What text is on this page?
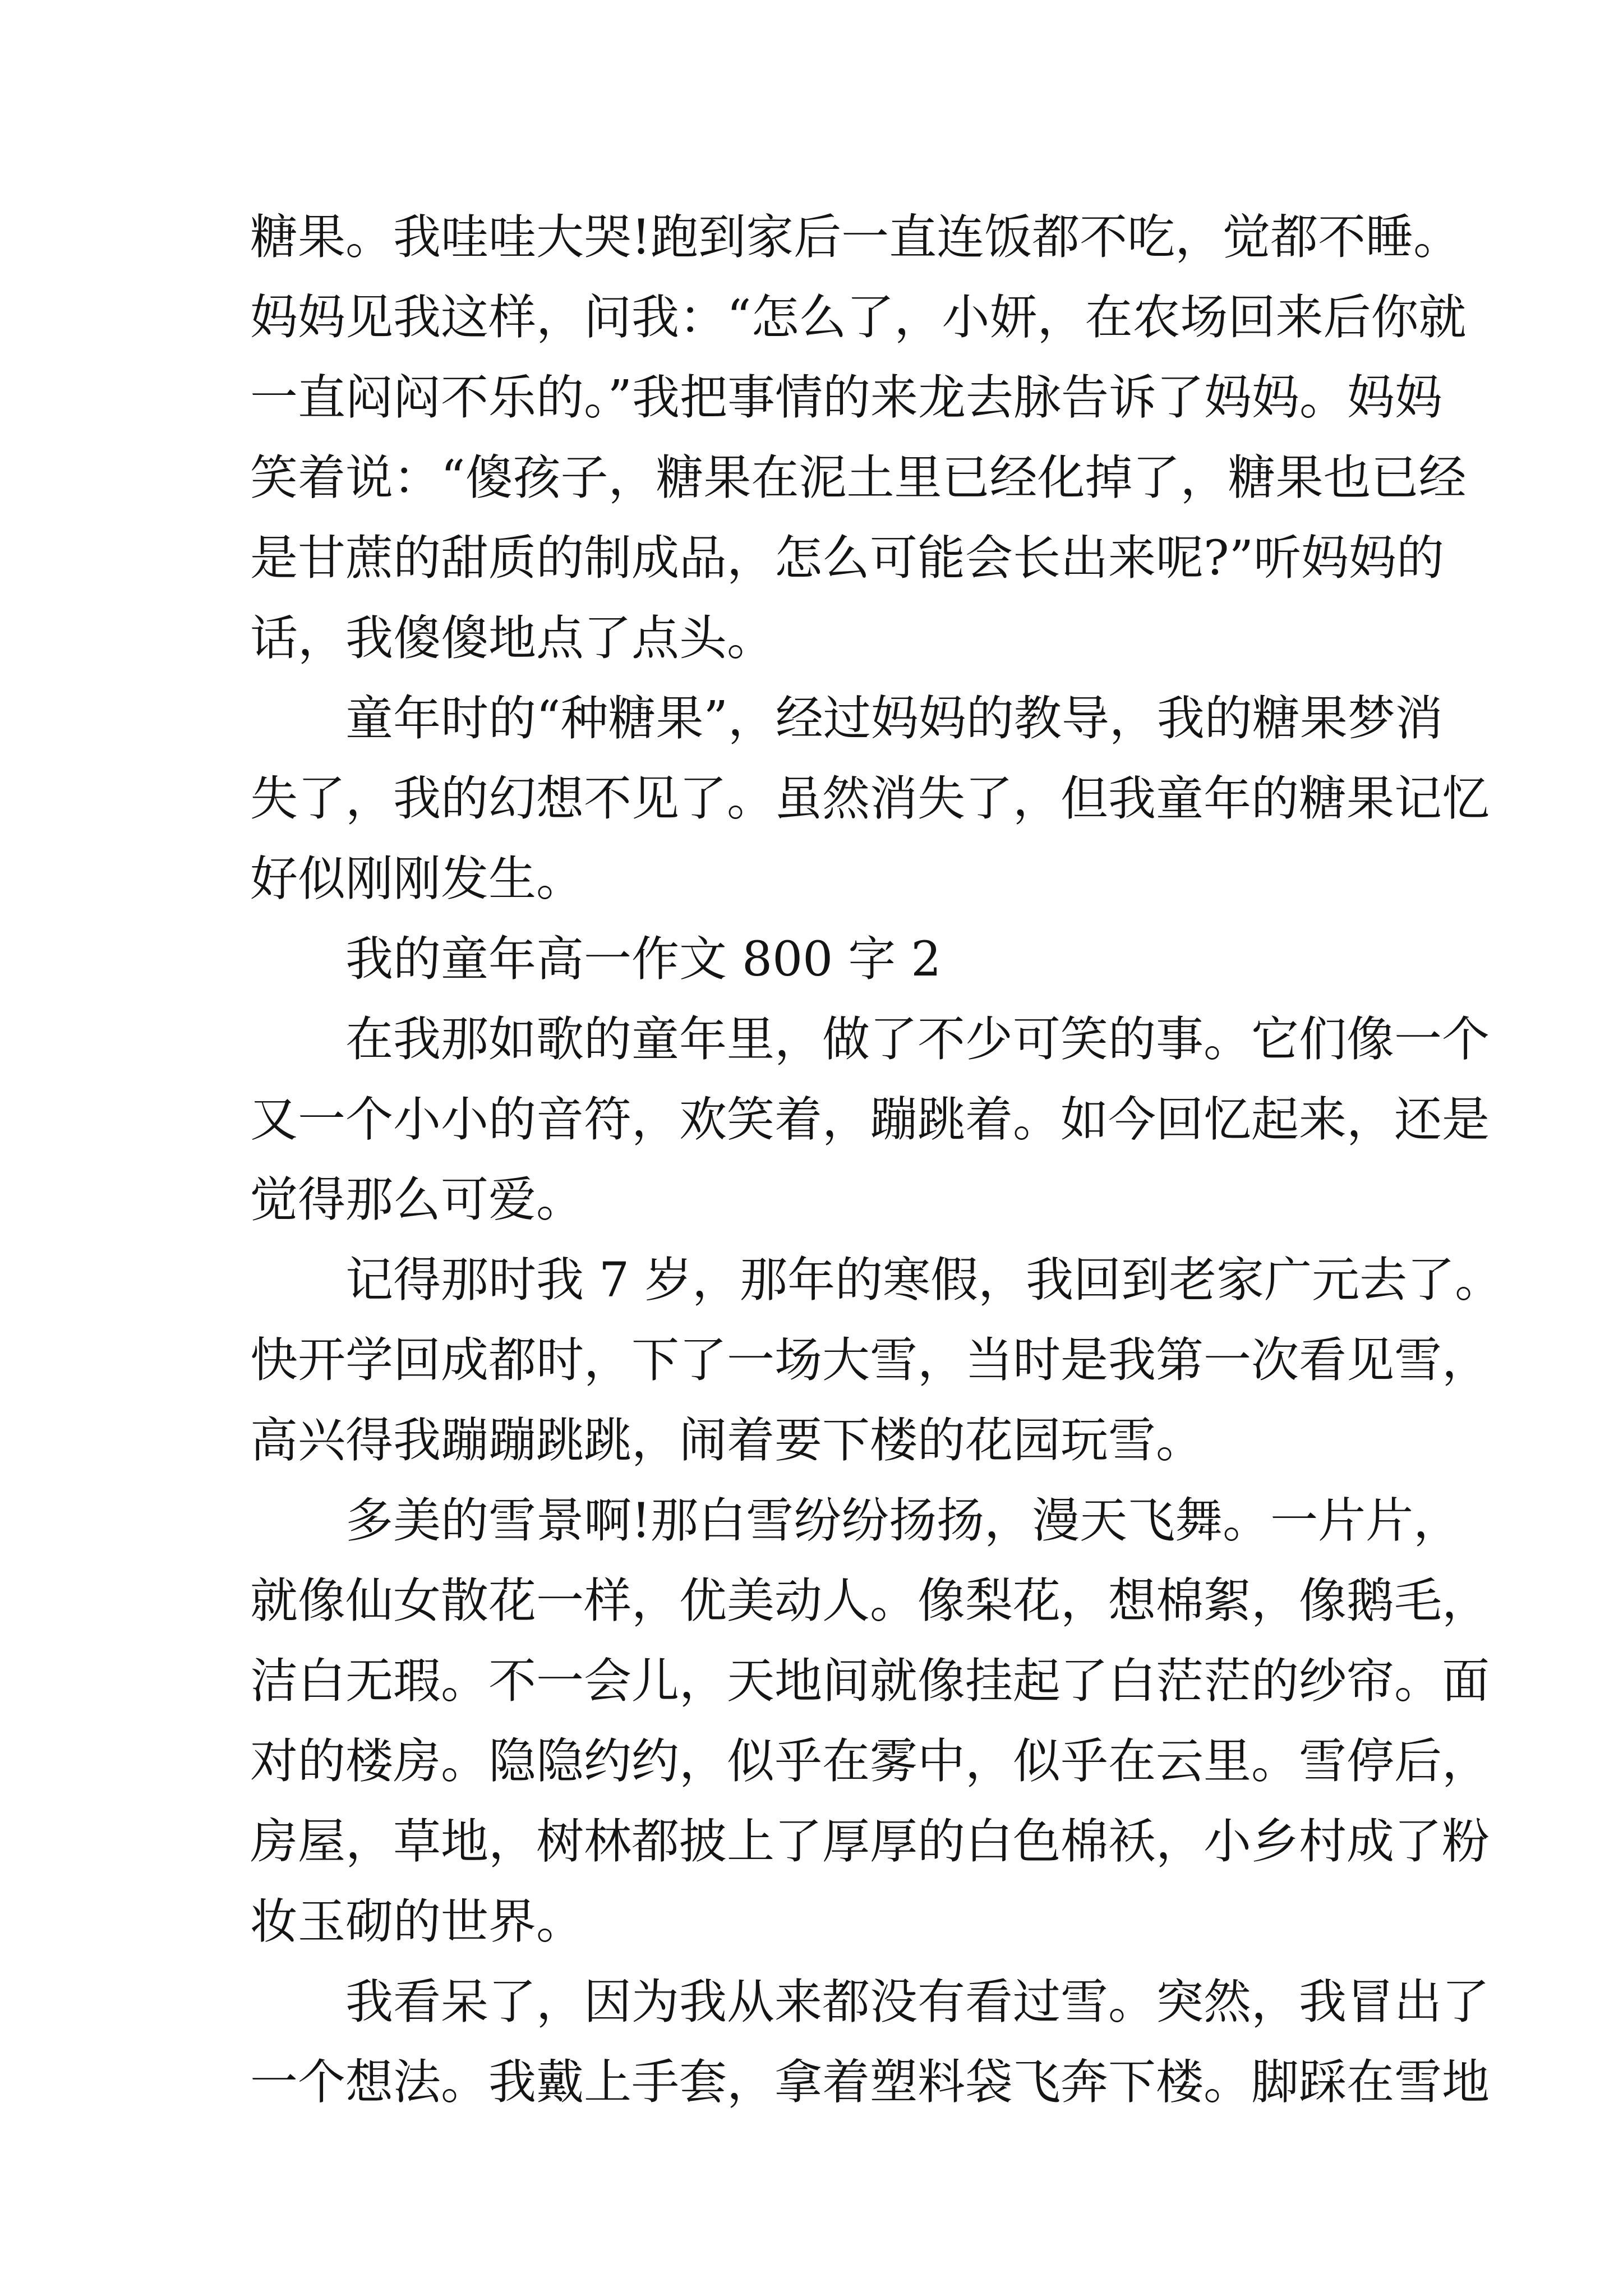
糖果。我哇哇大哭!跑到家后一直连饭都不吃，觉都不睡。
妈妈见我这样，问我：“怎么了，小妍，在农场回来后你就
一直闷闷不乐的。”我把事情的来龙去脉告诉了妈妈。妈妈
笑着说：“傻孩子，糖果在泥土里已经化掉了，糖果也已经
是甘蔗的甜质的制成品，怎么可能会长出来呢?”听妈妈的
话，我傻傻地点了点头。

童年时的“种糖果”，经过妈妈的教导，我的糖果梦消
失了，我的幻想不见了。虽然消失了，但我童年的糖果记忆
好似刚刚发生。

我的童年高一作文 800 字 2

在我那如歌的童年里，做了不少可笑的事。它们像一个
又一个小小的音符，欢笑着，蹦跳着。如今回忆起来，还是
觉得那么可爱。

记得那时我 7 岁，那年的寒假，我回到老家广元去了。
快开学回成都时，下了一场大雪，当时是我第一次看见雪，
高兴得我蹦蹦跳跳，闹着要下楼的花园玩雪。

多美的雪景啊!那白雪纷纷扬扬，漫天飞舞。一片片，
就像仙女散花一样，优美动人。像梨花，想棉絮，像鹅毛，
洁白无瑕。不一会儿，天地间就像挂起了白茫茫的纱帘。面
对的楼房。隐隐约约，似乎在雾中，似乎在云里。雪停后，
房屋，草地，树林都披上了厚厚的白色棉袄，小乡村成了粉
妆玉砌的世界。

我看呆了，因为我从来都没有看过雪。突然，我冒出了
一个想法。我戴上手套，拿着塑料袋飞奔下楼。脚踩在雪地
